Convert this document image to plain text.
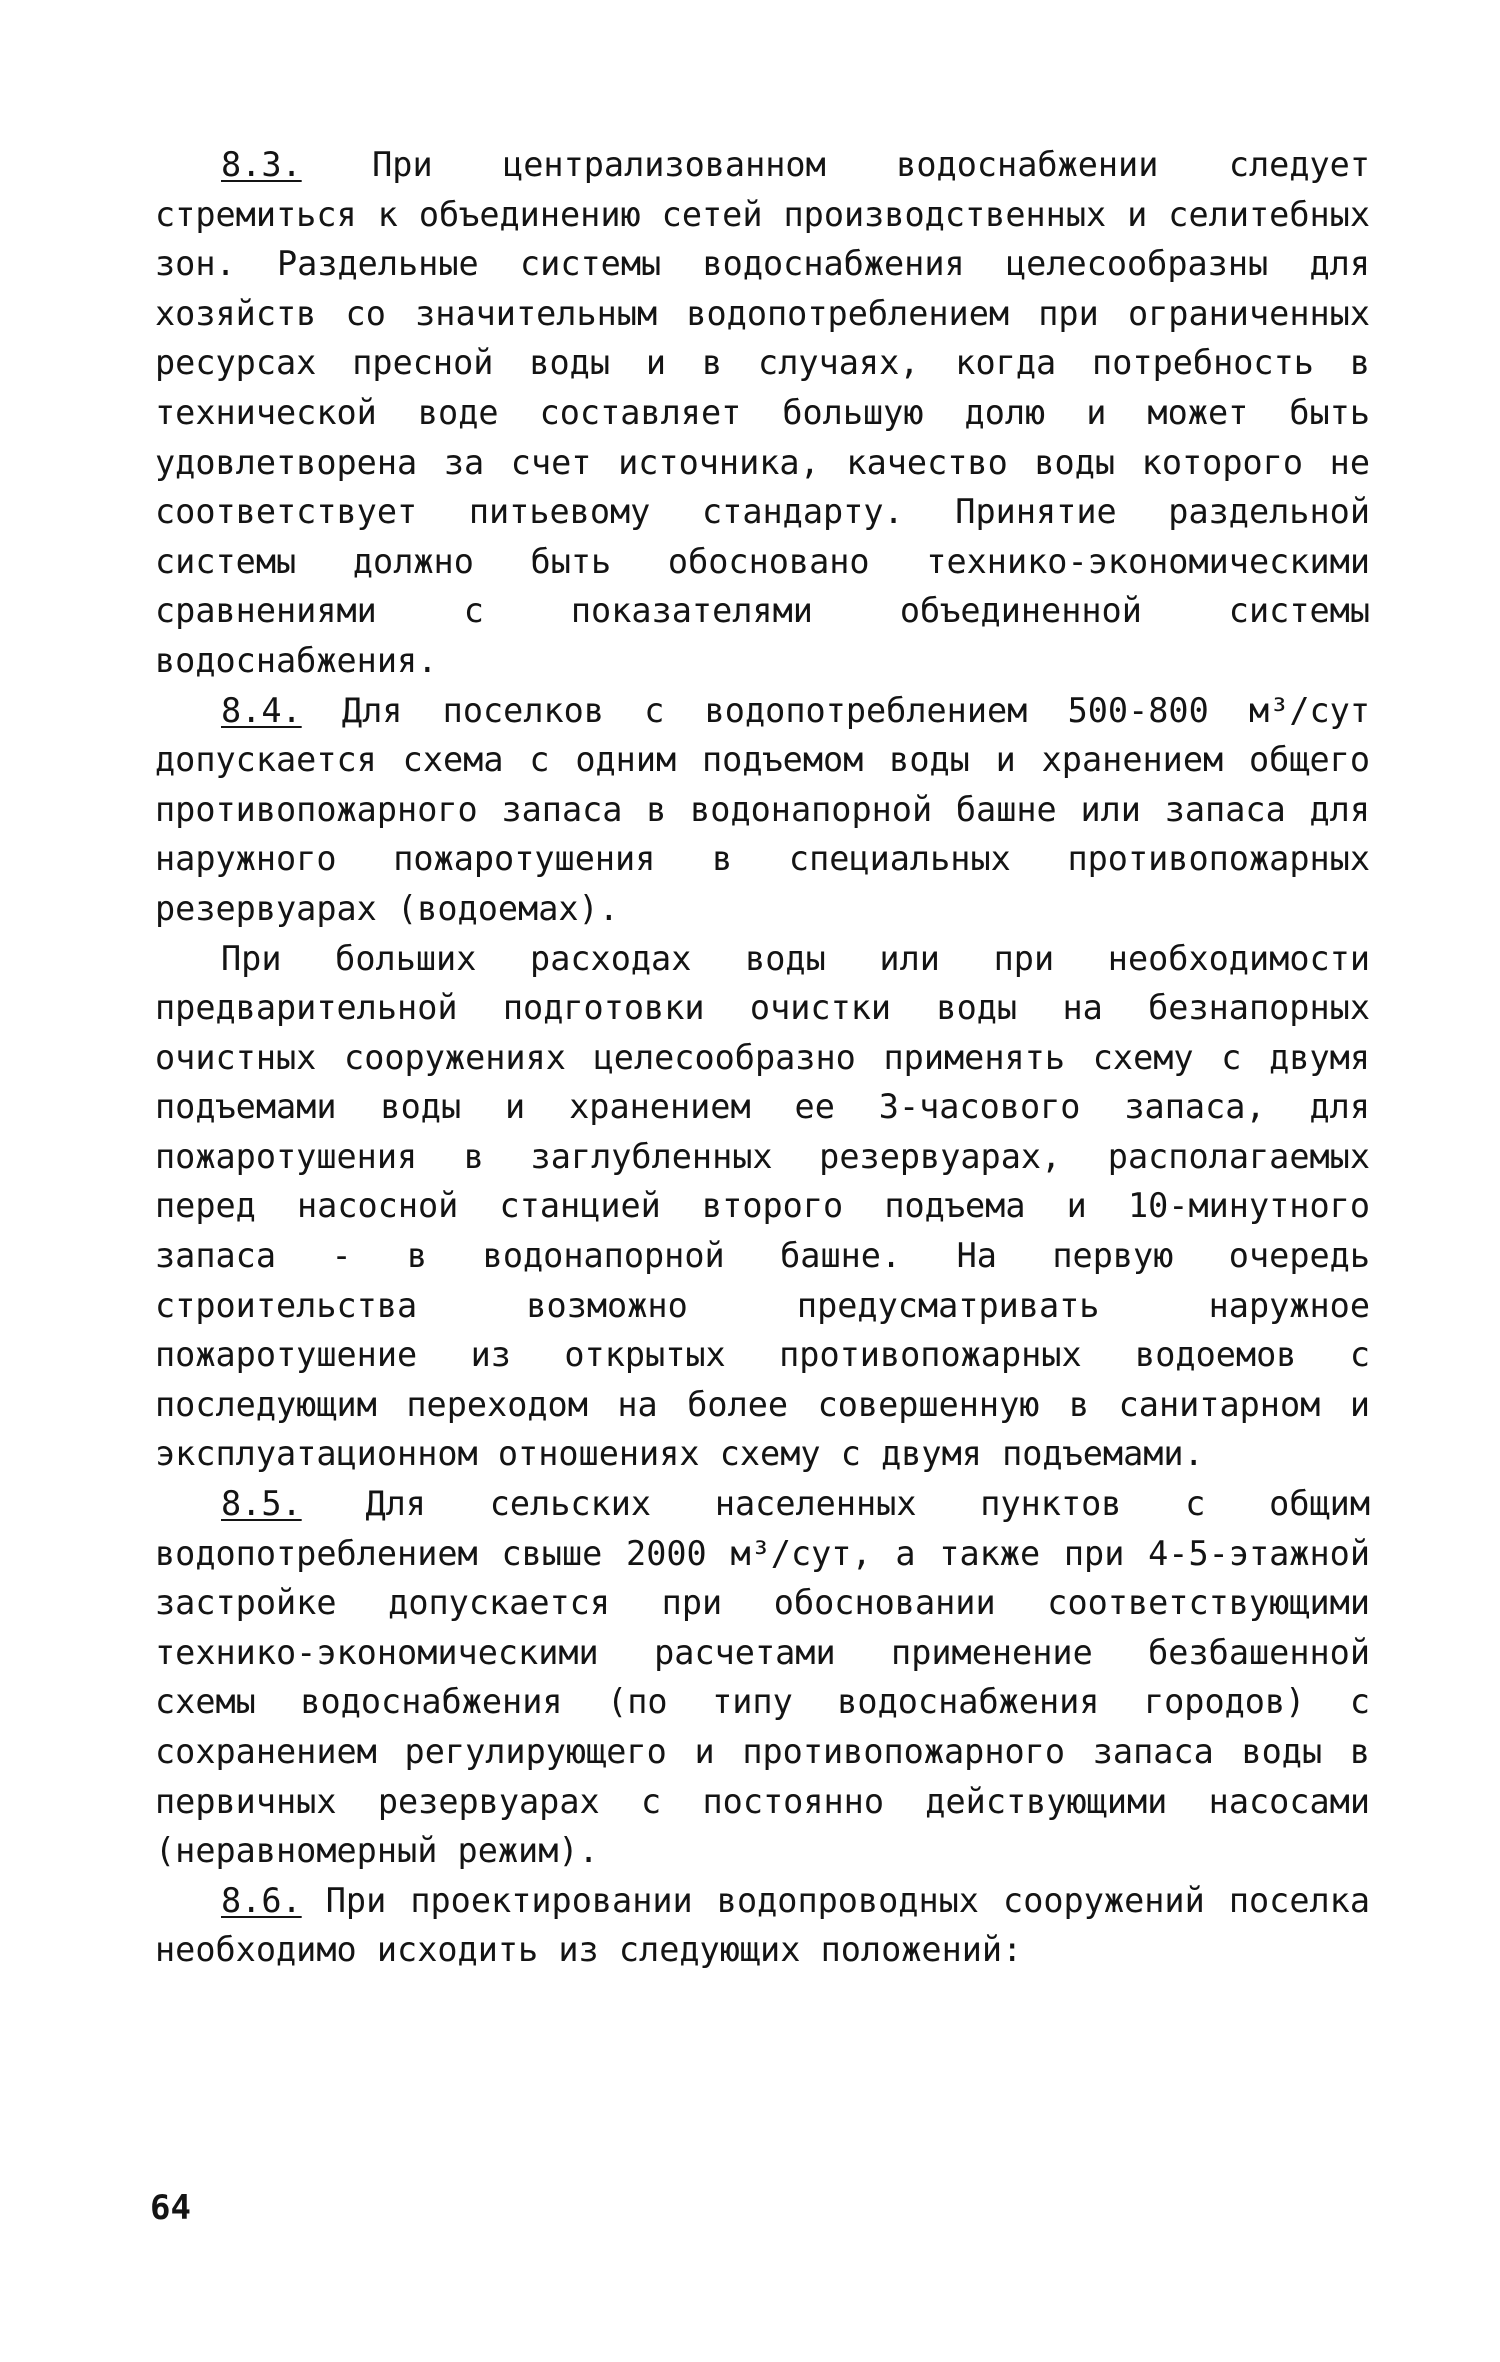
8.3. При централизованном водоснабжении следует стремиться к объединению сетей производственных и селитебных зон. Раздельные системы водоснабжения целесообразны для хозяйств со значительным водопотреблением при ограниченных ресурсах пресной воды и в случаях, когда потребность в технической воде составляет большую долю и может быть удовлетворена за счет источника, качество воды которого не соответствует питьевому стандарту. Принятие раздельной системы должно быть обосновано технико-экономическими сравнениями с показателями объединенной системы водоснабжения.

8.4. Для поселков с водопотреблением 500-800 м³/сут допускается схема с одним подъемом воды и хранением общего противопожарного запаса в водонапорной башне или запаса для наружного пожаротушения в специальных противопожарных резервуарах (водоемах).

При больших расходах воды или при необходимости предварительной подготовки очистки воды на безнапорных очистных сооружениях целесообразно применять схему с двумя подъемами воды и хранением ее 3-часового запаса, для пожаротушения в заглубленных резервуарах, располагаемых перед насосной станцией второго подъема и 10-минутного запаса - в водонапорной башне. На первую очередь строительства возможно предусматривать наружное пожаротушение из открытых противопожарных водоемов с последующим переходом на более совершенную в санитарном и эксплуатационном отношениях схему с двумя подъемами.

8.5. Для сельских населенных пунктов с общим водопотреблением свыше 2000 м³/сут, а также при 4-5-этажной застройке допускается при обосновании соответствующими технико-экономическими расчетами применение безбашенной схемы водоснабжения (по типу водоснабжения городов) с сохранением регулирующего и противопожарного запаса воды в первичных резервуарах с постоянно действующими насосами (неравномерный режим).

8.6. При проектировании водопроводных сооружений поселка необходимо исходить из следующих положений:

64
